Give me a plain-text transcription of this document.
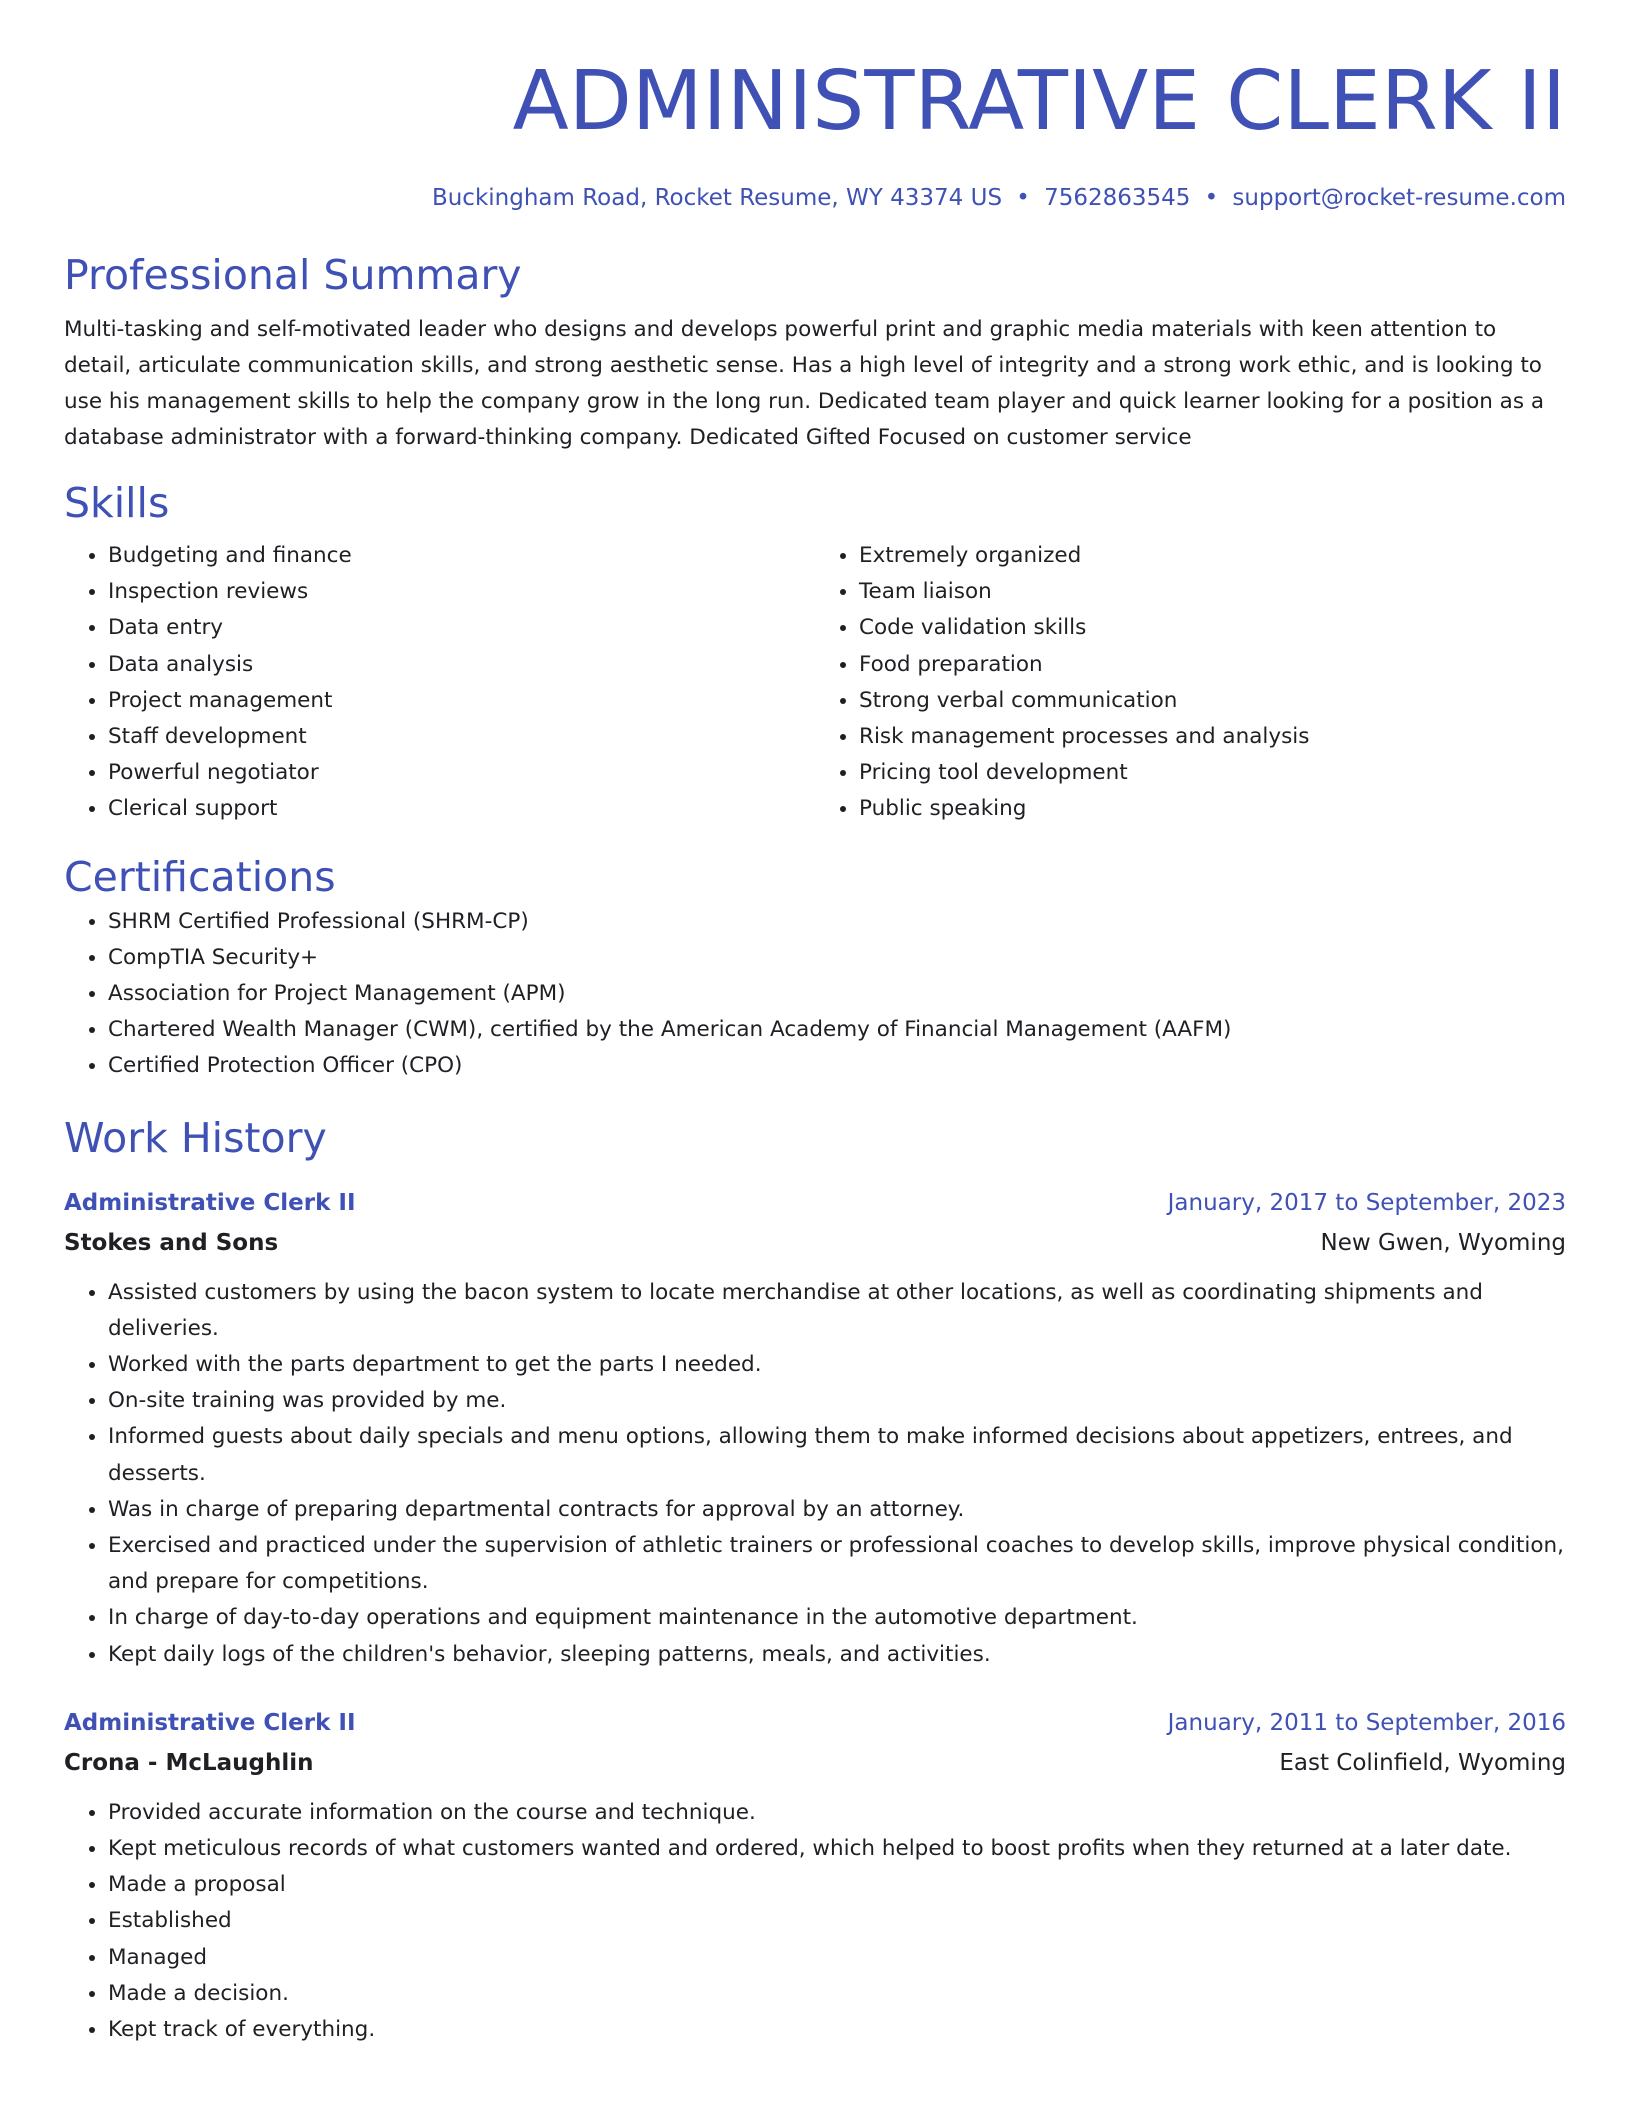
ADMINISTRATIVE CLERK II
Buckingham Road, Rocket Resume, WY 43374 US • 7562863545 • support@rocket-resume.com
Professional Summary
Multi-tasking and self-motivated leader who designs and develops powerful print and graphic media materials with keen attention to detail, articulate communication skills, and strong aesthetic sense. Has a high level of integrity and a strong work ethic, and is looking to use his management skills to help the company grow in the long run. Dedicated team player and quick learner looking for a position as a database administrator with a forward-thinking company. Dedicated Gifted Focused on customer service
Skills
• Budgeting and finance
• Inspection reviews
• Data entry
• Data analysis
• Project management
• Staff development
• Powerful negotiator
• Clerical support
• Extremely organized
• Team liaison
• Code validation skills
• Food preparation
• Strong verbal communication
• Risk management processes and analysis
• Pricing tool development
• Public speaking
Certifications
• SHRM Certified Professional (SHRM-CP)
• CompTIA Security+
• Association for Project Management (APM)
• Chartered Wealth Manager (CWM), certified by the American Academy of Financial Management (AAFM)
• Certified Protection Officer (CPO)
Work History
Administrative Clerk II	January, 2017 to September, 2023
Stokes and Sons	New Gwen, Wyoming
• Assisted customers by using the bacon system to locate merchandise at other locations, as well as coordinating shipments and deliveries.
• Worked with the parts department to get the parts I needed.
• On-site training was provided by me.
• Informed guests about daily specials and menu options, allowing them to make informed decisions about appetizers, entrees, and desserts.
• Was in charge of preparing departmental contracts for approval by an attorney.
• Exercised and practiced under the supervision of athletic trainers or professional coaches to develop skills, improve physical condition, and prepare for competitions.
• In charge of day-to-day operations and equipment maintenance in the automotive department.
• Kept daily logs of the children's behavior, sleeping patterns, meals, and activities.
Administrative Clerk II	January, 2011 to September, 2016
Crona - McLaughlin	East Colinfield, Wyoming
• Provided accurate information on the course and technique.
• Kept meticulous records of what customers wanted and ordered, which helped to boost profits when they returned at a later date.
• Made a proposal
• Established
• Managed
• Made a decision.
• Kept track of everything.
